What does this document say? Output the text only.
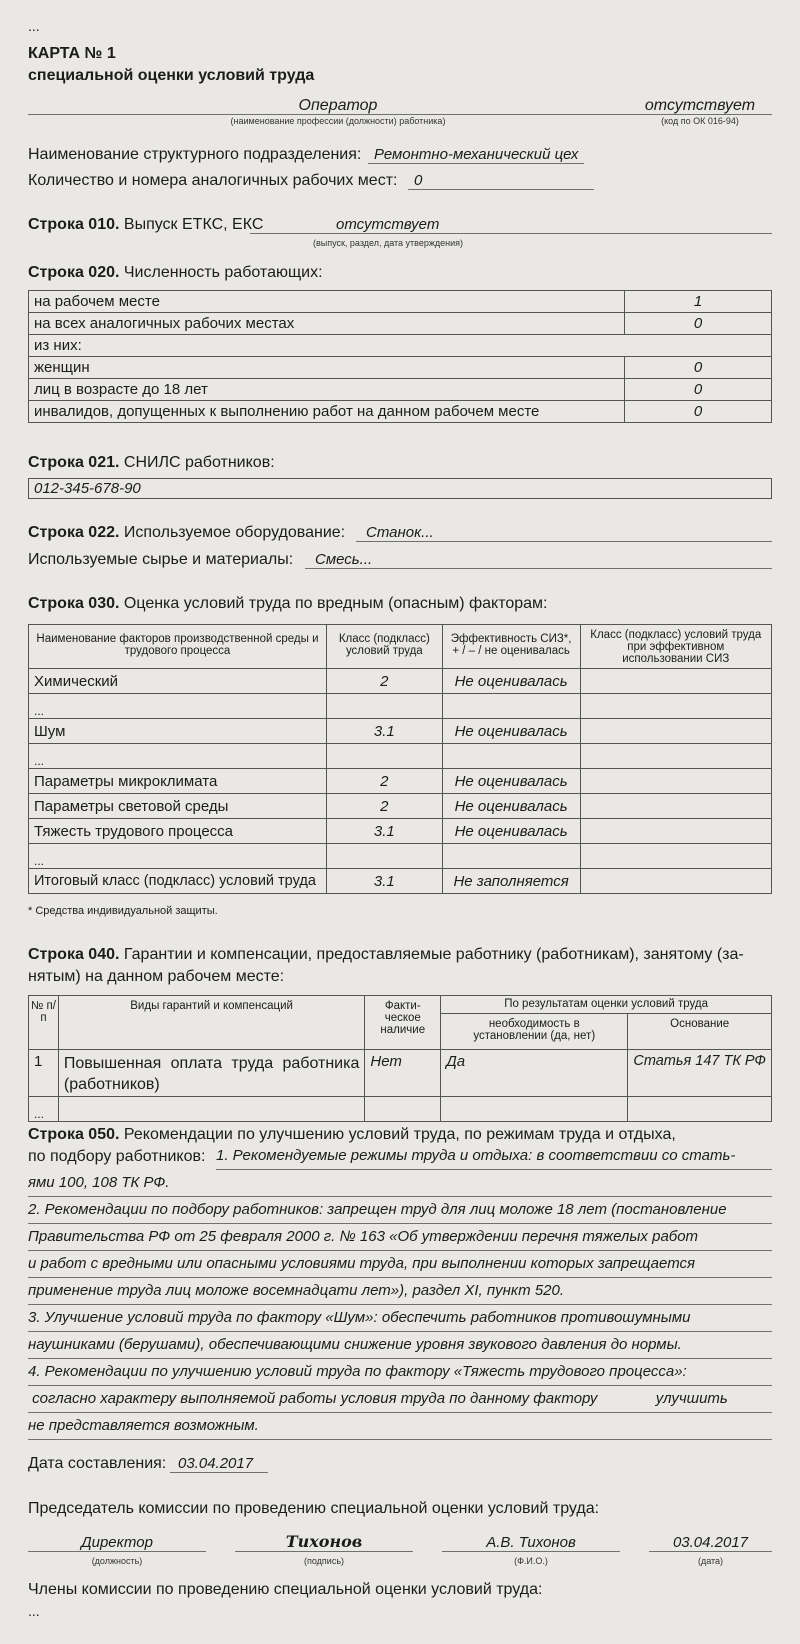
...
КАРТА № 1
специальной оценки условий труда
Оператор	отсутствует
(наименование профессии (должности) работника)	(код по ОК 016-94)
Наименование структурного подразделения: Ремонтно-механический цех
Количество и номера аналогичных рабочих мест:	0
Строка 010. Выпуск ЕТКС, ЕКС	отсутствует
(выпуск, раздел, дата утверждения)
Строка 020. Численность работающих:
на рабочем месте	1
на всех аналогичных рабочих местах	0
из них:	
женщин	0
лиц в возрасте до 18 лет	0
инвалидов, допущенных к выполнению работ на данном рабочем месте	0
Строка 021. СНИЛС работников:
012-345-678-90
Строка 022. Используемое оборудование:	Станок...
Используемые сырье и материалы:	Смесь...
Строка 030. Оценка условий труда по вредным (опасным) факторам:
Наименование факторов производственной среды и трудового процесса	Класс (подкласс) условий труда	Эффективность СИЗ*, + / – / не оценивалась	Класс (подкласс) условий труда при эффективном использовании СИЗ
Химический	2	Не оценивалась	
...			
Шум	3.1	Не оценивалась	
...			
Параметры микроклимата	2	Не оценивалась	
Параметры световой среды	2	Не оценивалась	
Тяжесть трудового процесса	3.1	Не оценивалась	
...			
Итоговый класс (подкласс) условий труда	3.1	Не заполняется	
* Средства индивидуальной защиты.
Строка 040. Гарантии и компенсации, предоставляемые работнику (работникам), занятому (за-
нятым) на данном рабочем месте:
№ п/п	Виды гарантий и компенсаций	Факти-ческое наличие	По результатам оценки условий труда	
			необходимость в установлении (да, нет)	Основание
1	Повышенная оплата труда работника (работников)	Нет	Да	Статья 147 ТК РФ
...				
Строка 050. Рекомендации по улучшению условий труда, по режимам труда и отдыха,
по подбору работников: 1. Рекомендуемые режимы труда и отдыха: в соответствии со стать-
ями 100, 108 ТК РФ.
2. Рекомендации по подбору работников: запрещен труд для лиц моложе 18 лет (постановление
Правительства РФ от 25 февраля 2000 г. № 163 «Об утверждении перечня тяжелых работ
и работ с вредными или опасными условиями труда, при выполнении которых запрещается
применение труда лиц моложе восемнадцати лет»), раздел XI, пункт 520.
3. Улучшение условий труда по фактору «Шум»: обеспечить работников противошумными
наушниками (берушами), обеспечивающими снижение уровня звукового давления до нормы.
4. Рекомендации по улучшению условий труда по фактору «Тяжесть трудового процесса»:
согласно характеру выполняемой работы условия труда по данному фактору              улучшить
не представляется возможным.
Дата составления: 03.04.2017
Председатель комиссии по проведению специальной оценки условий труда:
Директор
(должность)
Тихонов
(подпись)
А.В. Тихонов
(Ф.И.О.)
03.04.2017
(дата)
Члены комиссии по проведению специальной оценки условий труда:
...
